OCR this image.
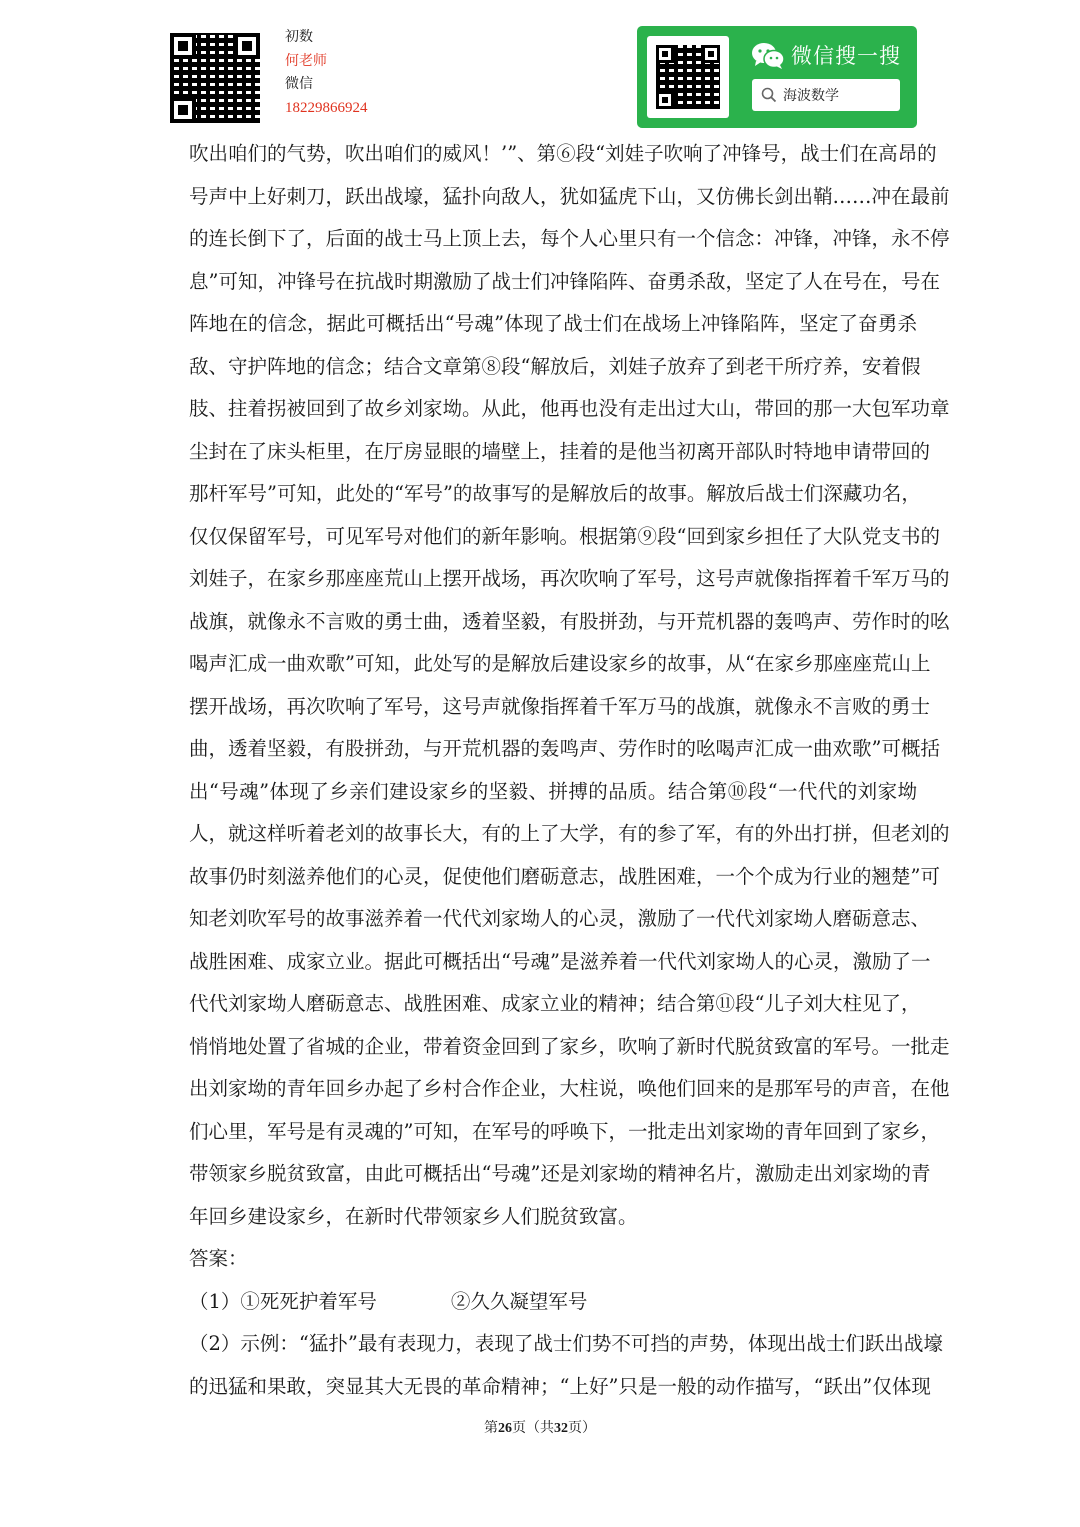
初数
何老师
微信
18229866924
微信搜一搜
海波数学
吹出咱们的气势，吹出咱们的威风！’”、第⑥段“刘娃子吹响了冲锋号，战士们在高昂的
号声中上好刺刀，跃出战壕，猛扑向敌人，犹如猛虎下山，又仿佛长剑出鞘……冲在最前
的连长倒下了，后面的战士马上顶上去，每个人心里只有一个信念：冲锋，冲锋，永不停
息”可知，冲锋号在抗战时期激励了战士们冲锋陷阵、奋勇杀敌，坚定了人在号在，号在
阵地在的信念，据此可概括出“号魂”体现了战士们在战场上冲锋陷阵，坚定了奋勇杀
敌、守护阵地的信念；结合文章第⑧段“解放后，刘娃子放弃了到老干所疗养，安着假
肢、拄着拐被回到了故乡刘家坳。从此，他再也没有走出过大山，带回的那一大包军功章
尘封在了床头柜里，在厅房显眼的墙壁上，挂着的是他当初离开部队时特地申请带回的
那杆军号”可知，此处的“军号”的故事写的是解放后的故事。解放后战士们深藏功名，
仅仅保留军号，可见军号对他们的新年影响。根据第⑨段“回到家乡担任了大队党支书的
刘娃子，在家乡那座座荒山上摆开战场，再次吹响了军号，这号声就像指挥着千军万马的
战旗，就像永不言败的勇士曲，透着坚毅，有股拼劲，与开荒机器的轰鸣声、劳作时的吆
喝声汇成一曲欢歌”可知，此处写的是解放后建设家乡的故事，从“在家乡那座座荒山上
摆开战场，再次吹响了军号，这号声就像指挥着千军万马的战旗，就像永不言败的勇士
曲，透着坚毅，有股拼劲，与开荒机器的轰鸣声、劳作时的吆喝声汇成一曲欢歌”可概括
出“号魂”体现了乡亲们建设家乡的坚毅、拼搏的品质。结合第⑩段“一代代的刘家坳
人，就这样听着老刘的故事长大，有的上了大学，有的参了军，有的外出打拼，但老刘的
故事仍时刻滋养他们的心灵，促使他们磨砺意志，战胜困难，一个个成为行业的翘楚”可
知老刘吹军号的故事滋养着一代代刘家坳人的心灵，激励了一代代刘家坳人磨砺意志、
战胜困难、成家立业。据此可概括出“号魂”是滋养着一代代刘家坳人的心灵，激励了一
代代刘家坳人磨砺意志、战胜困难、成家立业的精神；结合第⑪段“儿子刘大柱见了，
悄悄地处置了省城的企业，带着资金回到了家乡，吹响了新时代脱贫致富的军号。一批走
出刘家坳的青年回乡办起了乡村合作企业，大柱说，唤他们回来的是那军号的声音，在他
们心里，军号是有灵魂的”可知，在军号的呼唤下，一批走出刘家坳的青年回到了家乡，
带领家乡脱贫致富，由此可概括出“号魂”还是刘家坳的精神名片，激励走出刘家坳的青
年回乡建设家乡，在新时代带领家乡人们脱贫致富。
答案：
（1）①死死护着军号	②久久凝望军号
（2）示例：“猛扑”最有表现力，表现了战士们势不可挡的声势，体现出战士们跃出战壕
的迅猛和果敢，突显其大无畏的革命精神；“上好”只是一般的动作描写，“跃出”仅体现
第26页（共32页）
